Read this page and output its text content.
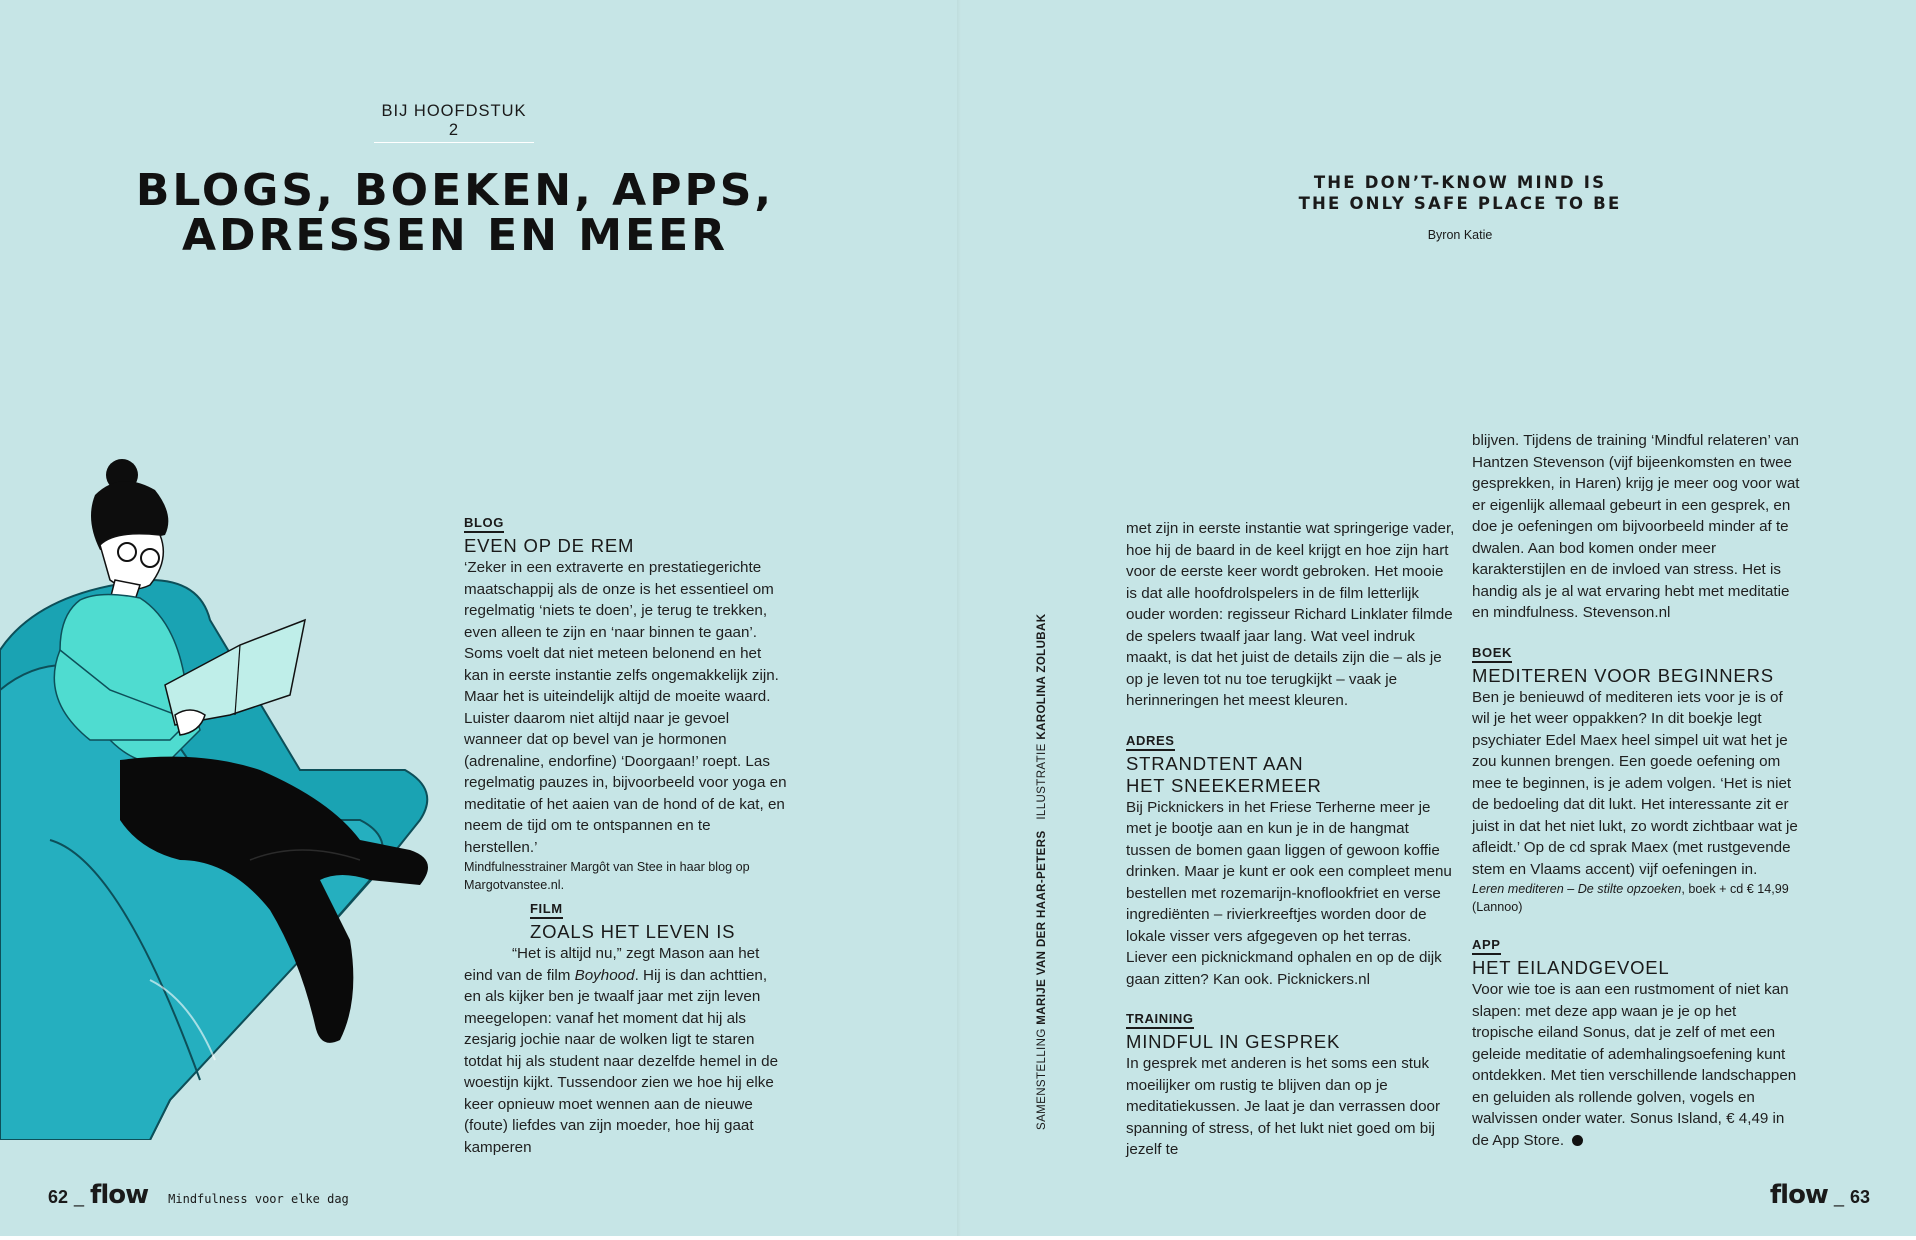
BIJ HOOFDSTUK 2

BLOGS, BOEKEN, APPS,
ADRESSEN EN MEER

THE DON’T-KNOW MIND IS
THE ONLY SAFE PLACE TO BE

Byron Katie

BLOG

EVEN OP DE REM

‘Zeker in een extraverte en prestatiegerichte maatschappij als de onze is het essentieel om regelmatig ‘niets te doen’, je terug te trekken, even alleen te zijn en ‘naar binnen te gaan’. Soms voelt dat niet meteen belonend en het kan in eerste instantie zelfs ongemakkelijk zijn. Maar het is uiteindelijk altijd de moeite waard. Luister daarom niet altijd naar je gevoel wanneer dat op bevel van je hormonen (adrenaline, endorfine) ‘Doorgaan!’ roept. Las regelmatig pauzes in, bijvoorbeeld voor yoga en meditatie of het aaien van de hond of de kat, en neem de tijd om te ontspannen en te herstellen.’

Mindfulnesstrainer Margôt van Stee in haar blog op Margotvanstee.nl.

FILM

ZOALS HET LEVEN IS

“Het is altijd nu,” zegt Mason aan het eind van de film Boyhood. Hij is dan achttien, en als kijker ben je twaalf jaar met zijn leven meegelopen: vanaf het moment dat hij als zesjarig jochie naar de wolken ligt te staren totdat hij als student naar dezelfde hemel in de woestijn kijkt. Tussendoor zien we hoe hij elke keer opnieuw moet wennen aan de nieuwe (foute) liefdes van zijn moeder, hoe hij gaat kamperen

SAMENSTELLING MARIJE VAN DER HAAR-PETERS   ILLUSTRATIE KAROLINA ZOLUBAK

met zijn in eerste instantie wat springerige vader, hoe hij de baard in de keel krijgt en hoe zijn hart voor de eerste keer wordt gebroken. Het mooie is dat alle hoofdrolspelers in de film letterlijk ouder worden: regisseur Richard Linklater filmde de spelers twaalf jaar lang. Wat veel indruk maakt, is dat het juist de details zijn die – als je op je leven tot nu toe terugkijkt – vaak je herinneringen het meest kleuren.

ADRES

STRANDTENT AAN HET SNEEKERMEER

Bij Picknickers in het Friese Terherne meer je met je bootje aan en kun je in de hangmat tussen de bomen gaan liggen of gewoon koffie drinken. Maar je kunt er ook een compleet menu bestellen met rozemarijn-knoflookfriet en verse ingrediënten – rivierkreeftjes worden door de lokale visser vers afgegeven op het terras. Liever een picknickmand ophalen en op de dijk gaan zitten? Kan ook. Picknickers.nl

TRAINING

MINDFUL IN GESPREK

In gesprek met anderen is het soms een stuk moeilijker om rustig te blijven dan op je meditatiekussen. Je laat je dan verrassen door spanning of stress, of het lukt niet goed om bij jezelf te

blijven. Tijdens de training ‘Mindful relateren’ van Hantzen Stevenson (vijf bijeenkomsten en twee gesprekken, in Haren) krijg je meer oog voor wat er eigenlijk allemaal gebeurt in een gesprek, en doe je oefeningen om bijvoorbeeld minder af te dwalen. Aan bod komen onder meer karakterstijlen en de invloed van stress. Het is handig als je al wat ervaring hebt met meditatie en mindfulness. Stevenson.nl

BOEK

MEDITEREN VOOR BEGINNERS

Ben je benieuwd of mediteren iets voor je is of wil je het weer oppakken? In dit boekje legt psychiater Edel Maex heel simpel uit wat het je zou kunnen brengen. Een goede oefening om mee te beginnen, is je adem volgen. ‘Het is niet de bedoeling dat dit lukt. Het interessante zit er juist in dat het niet lukt, zo wordt zichtbaar wat je afleidt.’ Op de cd sprak Maex (met rustgevende stem en Vlaams accent) vijf oefeningen in.

Leren mediteren – De stilte opzoeken, boek + cd € 14,99 (Lannoo)

APP

HET EILANDGEVOEL

Voor wie toe is aan een rustmoment of niet kan slapen: met deze app waan je je op het tropische eiland Sonus, dat je zelf of met een geleide meditatie of ademhalingsoefening kunt ontdekken. Met tien verschillende landschappen en geluiden als rollende golven, vogels en walvissen onder water. Sonus Island, € 4,49 in de App Store.

62 _ flow Mindfulness voor elke dag	flow _ 63
